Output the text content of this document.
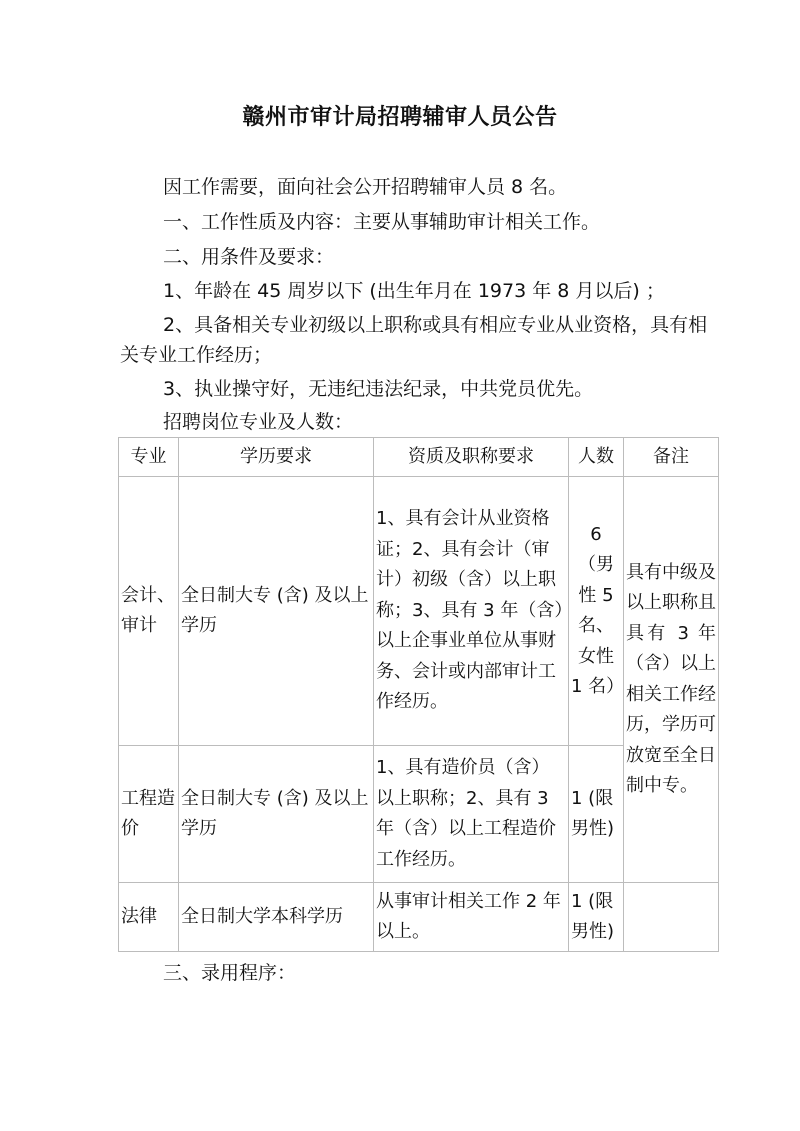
赣州市审计局招聘辅审人员公告
因工作需要，面向社会公开招聘辅审人员 8 名。
一、工作性质及内容：主要从事辅助审计相关工作。
二、用条件及要求：
1、年龄在 45 周岁以下 (出生年月在 1973 年 8 月以后) ；
2、具备相关专业初级以上职称或具有相应专业从业资格，具有相关专业工作经历；
3、执业操守好，无违纪违法纪录，中共党员优先。
招聘岗位专业及人数：
专业	学历要求	资质及职称要求	人数	备注
会计、审计	全日制大专 (含) 及以上学历	1、具有会计从业资格证；2、具有会计（审计）初级（含）以上职称；3、具有 3 年（含）以上企事业单位从事财务、会计或内部审计工作经历。	6 （男性 5 名、女性 1 名）	具有中级及以上职称且具有 3 年（含）以上相关工作经历，学历可放宽至全日制中专。
工程造价	全日制大专 (含) 及以上学历	1、具有造价员（含）以上职称；2、具有 3 年（含）以上工程造价工作经历。	1 (限男性)	
法律	全日制大学本科学历	从事审计相关工作 2 年以上。	1 (限男性)	
三、录用程序：
